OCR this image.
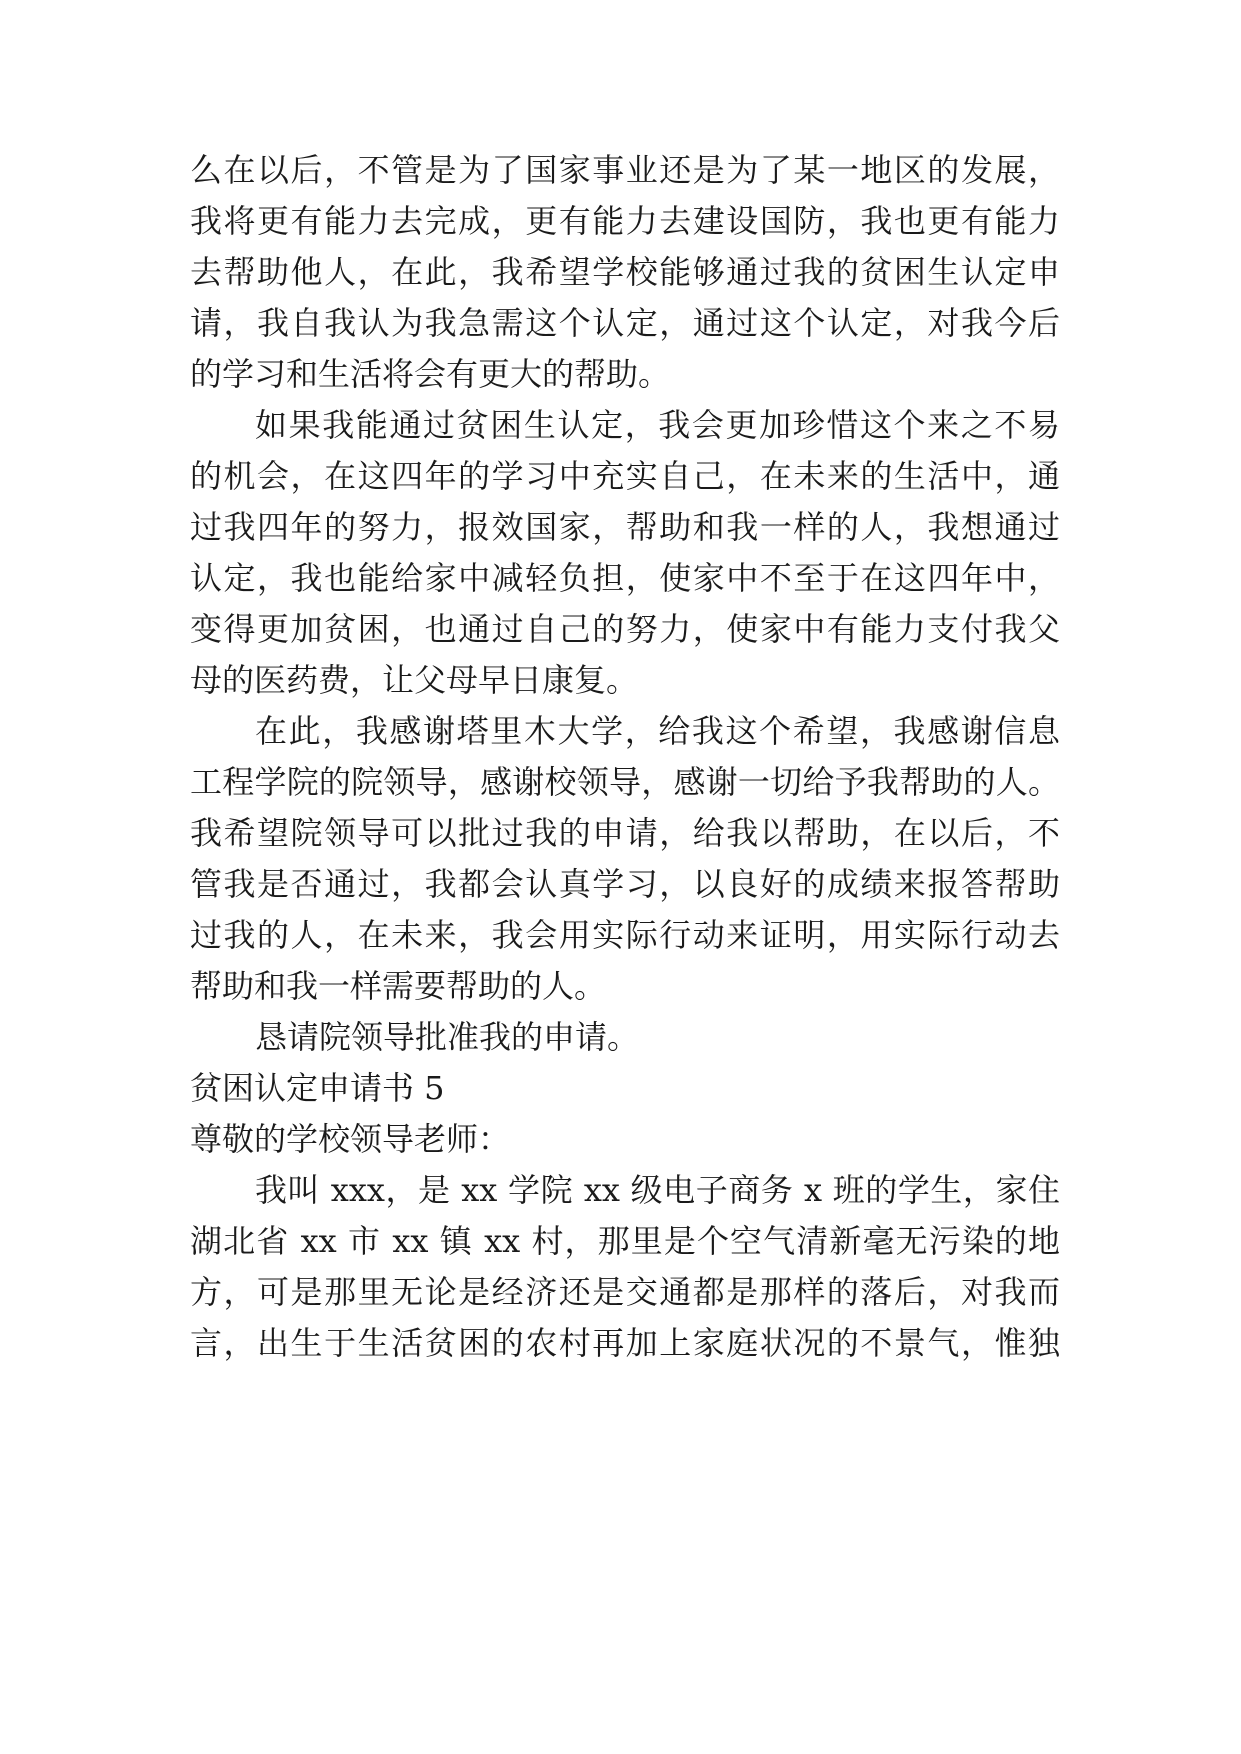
么在以后，不管是为了国家事业还是为了某一地区的发展，
我将更有能力去完成，更有能力去建设国防，我也更有能力
去帮助他人，在此，我希望学校能够通过我的贫困生认定申
请，我自我认为我急需这个认定，通过这个认定，对我今后
的学习和生活将会有更大的帮助。
如果我能通过贫困生认定，我会更加珍惜这个来之不易
的机会，在这四年的学习中充实自己，在未来的生活中，通
过我四年的努力，报效国家，帮助和我一样的人，我想通过
认定，我也能给家中减轻负担，使家中不至于在这四年中，
变得更加贫困，也通过自己的努力，使家中有能力支付我父
母的医药费，让父母早日康复。
在此，我感谢塔里木大学，给我这个希望，我感谢信息
工程学院的院领导，感谢校领导，感谢一切给予我帮助的人。
我希望院领导可以批过我的申请，给我以帮助，在以后，不
管我是否通过，我都会认真学习，以良好的成绩来报答帮助
过我的人，在未来，我会用实际行动来证明，用实际行动去
帮助和我一样需要帮助的人。
恳请院领导批准我的申请。
贫困认定申请书 5
尊敬的学校领导老师：
我叫 xxx，是 xx 学院 xx 级电子商务 x 班的学生，家住
湖北省 xx 市 xx 镇 xx 村，那里是个空气清新毫无污染的地
方，可是那里无论是经济还是交通都是那样的落后，对我而
言，出生于生活贫困的农村再加上家庭状况的不景气，惟独
